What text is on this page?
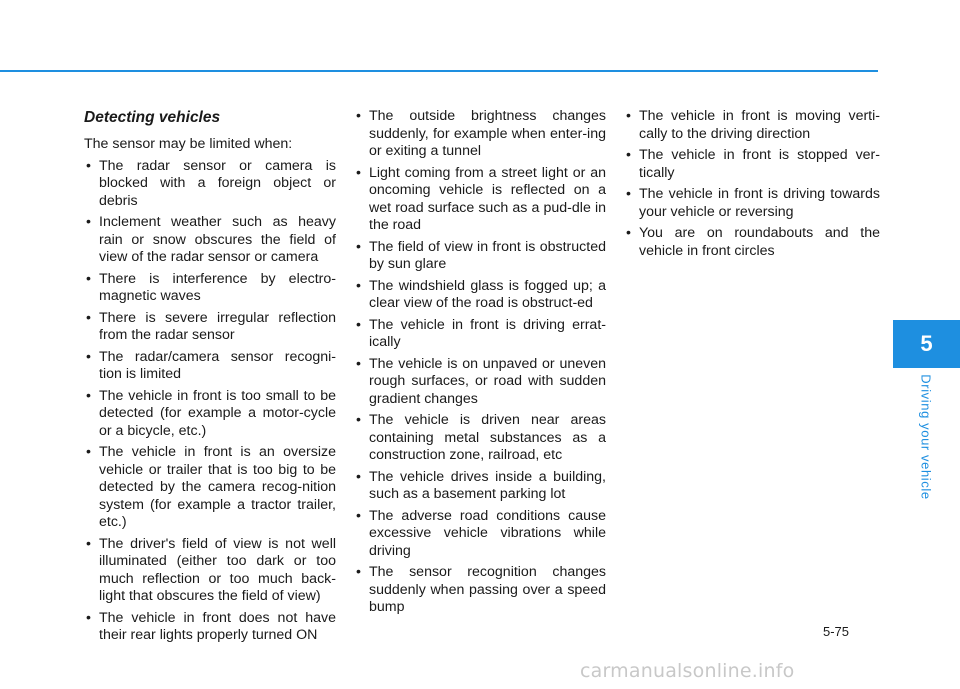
Detecting vehicles

The sensor may be limited when:

• The radar sensor or camera is blocked with a foreign object or debris
• Inclement weather such as heavy rain or snow obscures the field of view of the radar sensor or camera
• There is interference by electro-magnetic waves
• There is severe irregular reflection from the radar sensor
• The radar/camera sensor recogni-tion is limited
• The vehicle in front is too small to be detected (for example a motor-cycle or a bicycle, etc.)
• The vehicle in front is an oversize vehicle or trailer that is too big to be detected by the camera recog-nition system (for example a tractor trailer, etc.)
• The driver's field of view is not well illuminated (either too dark or too much reflection or too much back-light that obscures the field of view)
• The vehicle in front does not have their rear lights properly turned ON
• The outside brightness changes suddenly, for example when enter-ing or exiting a tunnel
• Light coming from a street light or an oncoming vehicle is reflected on a wet road surface such as a pud-dle in the road
• The field of view in front is obstructed by sun glare
• The windshield glass is fogged up; a clear view of the road is obstruct-ed
• The vehicle in front is driving errat-ically
• The vehicle is on unpaved or uneven rough surfaces, or road with sudden gradient changes
• The vehicle is driven near areas containing metal substances as a construction zone, railroad, etc
• The vehicle drives inside a building, such as a basement parking lot
• The adverse road conditions cause excessive vehicle vibrations while driving
• The sensor recognition changes suddenly when passing over a speed bump
• The vehicle in front is moving verti-cally to the driving direction
• The vehicle in front is stopped ver-tically
• The vehicle in front is driving towards your vehicle or reversing
• You are on roundabouts and the vehicle in front circles
5
Driving your vehicle
5-75
carmanualsonline.info
